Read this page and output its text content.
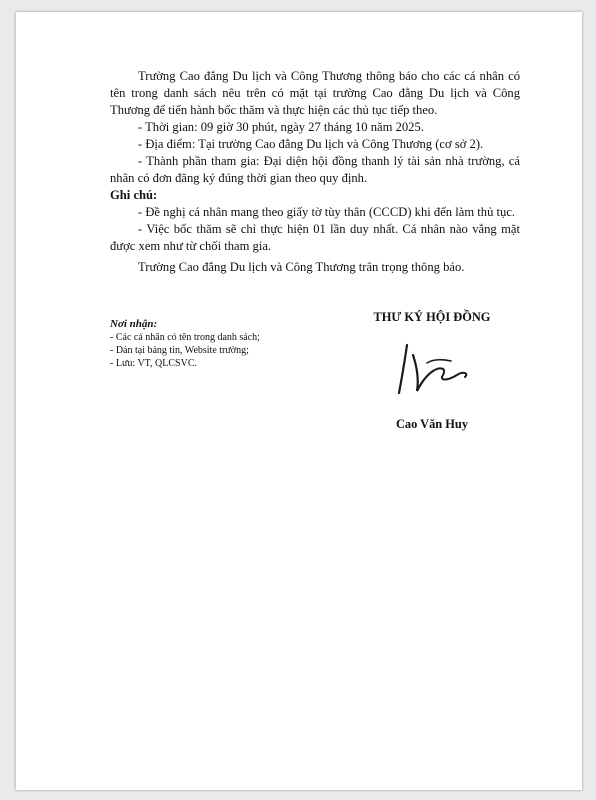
Trường Cao đẳng Du lịch và Công Thương thông báo cho các cá nhân có tên trong danh sách nêu trên có mặt tại trường Cao đẳng Du lịch và Công Thương để tiến hành bốc thăm và thực hiện các thủ tục tiếp theo.

- Thời gian: 09 giờ 30 phút, ngày 27 tháng 10 năm 2025.

- Địa điểm: Tại trường Cao đẳng Du lịch và Công Thương (cơ sở 2).

- Thành phần tham gia: Đại diện hội đồng thanh lý tài sản nhà trường, cá nhân có đơn đăng ký đúng thời gian theo quy định.

Ghi chú:

- Đề nghị cá nhân mang theo giấy tờ tùy thân (CCCD) khi đến làm thủ tục.

- Việc bốc thăm sẽ chỉ thực hiện 01 lần duy nhất. Cá nhân nào vắng mặt được xem như từ chối tham gia.

Trường Cao đẳng Du lịch và Công Thương trân trọng thông báo.

Nơi nhận:

- Các cá nhân có tên trong danh sách;

- Dán tại bảng tin, Website trường;

- Lưu: VT, QLCSVC.

THƯ KÝ HỘI ĐỒNG

Cao Văn Huy
